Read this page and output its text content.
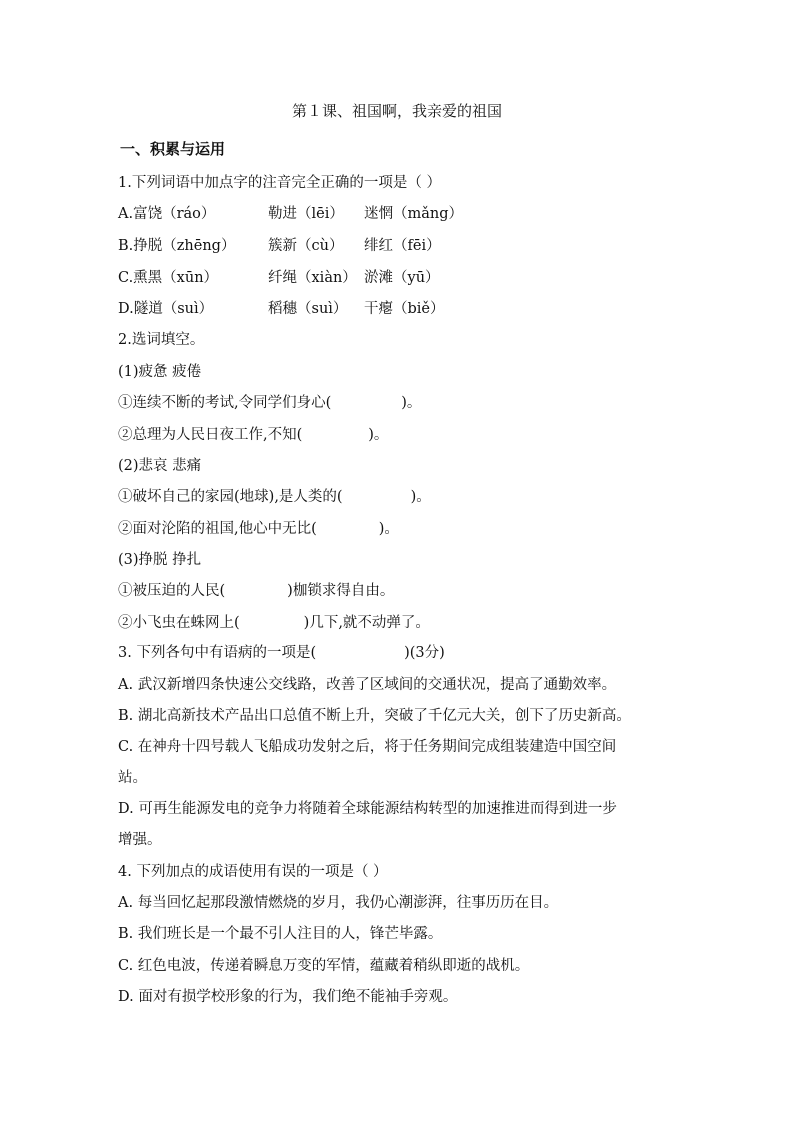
第１课、祖国啊，我亲爱的祖国
一、积累与运用
1.下列词语中加点字的注音完全正确的一项是（ ）
A.富饶（ráo）	勒进（lēi） 迷惘（mǎng）
B.挣脱（zhēng） 簇新（cù） 绯红（fēi）
C.熏黑（xūn）	纤绳（xiàn） 淤滩（yū）
D.隧道（suì）	稻穗（suì） 干瘪（biě）
2.选词填空。
(1)疲惫 疲倦
①连续不断的考试,令同学们身心(	)。
②总理为人民日夜工作,不知(	)。
(2)悲哀 悲痛
①破坏自己的家园(地球),是人类的(	)。
②面对沦陷的祖国,他心中无比(	)。
(3)挣脱 挣扎
①被压迫的人民(	)枷锁求得自由。
②小飞虫在蛛网上(	)几下,就不动弹了。
3. 下列各句中有语病的一项是(	)(3分)
A. 武汉新增四条快速公交线路，改善了区域间的交通状况，提高了通勤效率。
B. 湖北高新技术产品出口总值不断上升，突破了千亿元大关，创下了历史新高。
C. 在神舟十四号载人飞船成功发射之后，将于任务期间完成组装建造中国空间
站。
D. 可再生能源发电的竞争力将随着全球能源结构转型的加速推进而得到进一步
增强。
4. 下列加点的成语使用有误的一项是（ ）
A. 每当回忆起那段激情燃烧的岁月，我仍心潮澎湃，往事历历在目。
B. 我们班长是一个最不引人注目的人，锋芒毕露。
C. 红色电波，传递着瞬息万变的军情，蕴藏着稍纵即逝的战机。
D. 面对有损学校形象的行为，我们绝不能袖手旁观。
